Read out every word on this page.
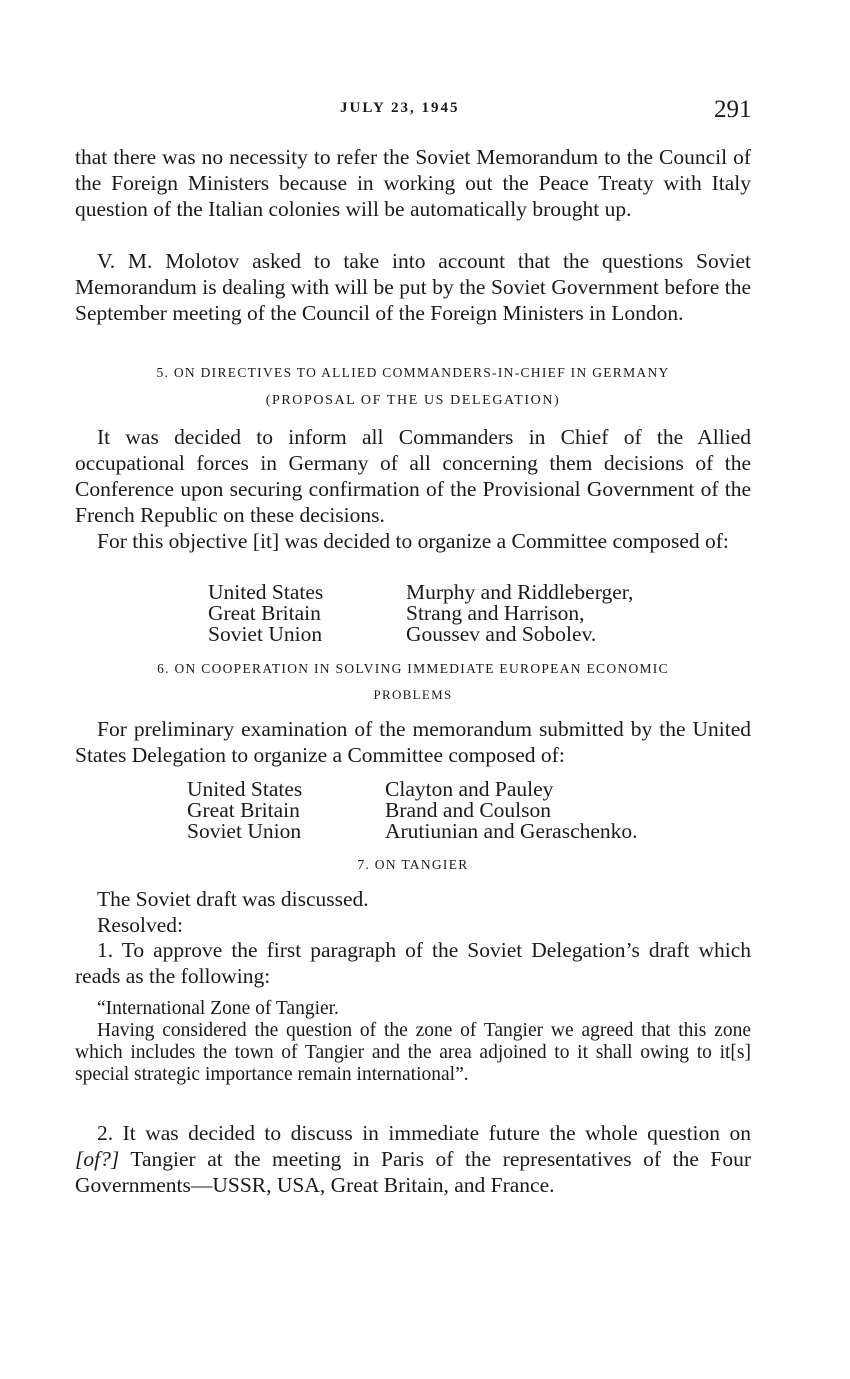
JULY 23, 1945	291

that there was no necessity to refer the Soviet Memorandum to the Council of the Foreign Ministers because in working out the Peace Treaty with Italy question of the Italian colonies will be automatically brought up.

V. M. Molotov asked to take into account that the questions Soviet Memorandum is dealing with will be put by the Soviet Government before the September meeting of the Council of the Foreign Ministers in London.

5. ON DIRECTIVES TO ALLIED COMMANDERS-IN-CHIEF IN GERMANY
(PROPOSAL OF THE US DELEGATION)

It was decided to inform all Commanders in Chief of the Allied occupational forces in Germany of all concerning them decisions of the Conference upon securing confirmation of the Provisional Government of the French Republic on these decisions.

For this objective [it] was decided to organize a Committee composed of:

United States	Murphy and Riddleberger,
Great Britain	Strang and Harrison,
Soviet Union	Goussev and Sobolev.
6. ON COOPERATION IN SOLVING IMMEDIATE EUROPEAN ECONOMIC
PROBLEMS

For preliminary examination of the memorandum submitted by the United States Delegation to organize a Committee composed of:

United States	Clayton and Pauley
Great Britain	Brand and Coulson
Soviet Union	Arutiunian and Geraschenko.
7. ON TANGIER

The Soviet draft was discussed.

Resolved:

1. To approve the first paragraph of the Soviet Delegation’s draft which reads as the following:

“International Zone of Tangier.

Having considered the question of the zone of Tangier we agreed that this zone which includes the town of Tangier and the area adjoined to it shall owing to it[s] special strategic importance remain international”.

2. It was decided to discuss in immediate future the whole question on [of?] Tangier at the meeting in Paris of the representatives of the Four Governments—USSR, USA, Great Britain, and France.
